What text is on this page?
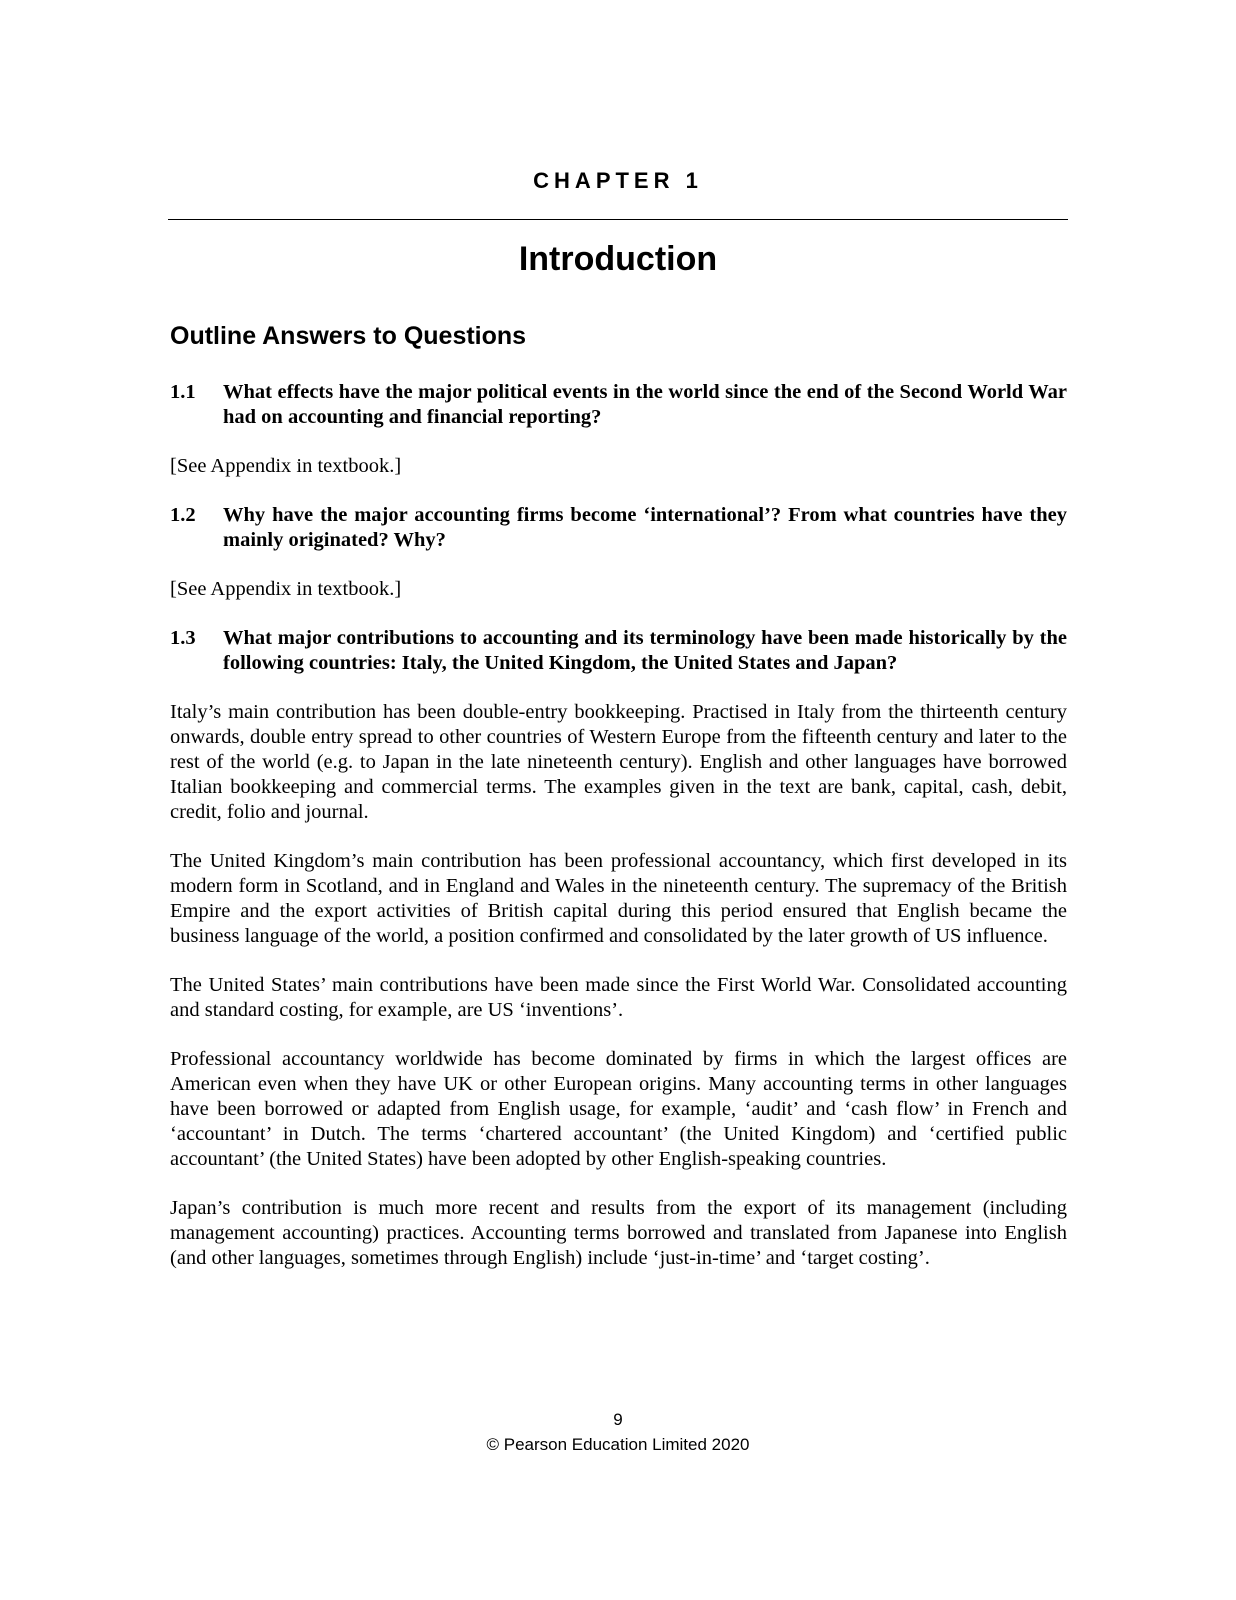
CHAPTER 1
Introduction
Outline Answers to Questions
1.1	What effects have the major political events in the world since the end of the Second World War had on accounting and financial reporting?

[See Appendix in textbook.]

1.2	Why have the major accounting firms become ‘international’? From what countries have they mainly originated? Why?

[See Appendix in textbook.]

1.3	What major contributions to accounting and its terminology have been made historically by the following countries: Italy, the United Kingdom, the United States and Japan?

Italy’s main contribution has been double-entry bookkeeping. Practised in Italy from the thirteenth century onwards, double entry spread to other countries of Western Europe from the fifteenth century and later to the rest of the world (e.g. to Japan in the late nineteenth century). English and other languages have borrowed Italian bookkeeping and commercial terms. The examples given in the text are bank, capital, cash, debit, credit, folio and journal.

The United Kingdom’s main contribution has been professional accountancy, which first developed in its modern form in Scotland, and in England and Wales in the nineteenth century. The supremacy of the British Empire and the export activities of British capital during this period ensured that English became the business language of the world, a position confirmed and consolidated by the later growth of US influence.

The United States’ main contributions have been made since the First World War. Consolidated accounting and standard costing, for example, are US ‘inventions’.

Professional accountancy worldwide has become dominated by firms in which the largest offices are American even when they have UK or other European origins. Many accounting terms in other languages have been borrowed or adapted from English usage, for example, ‘audit’ and ‘cash flow’ in French and ‘accountant’ in Dutch. The terms ‘chartered accountant’ (the United Kingdom) and ‘certified public accountant’ (the United States) have been adopted by other English-speaking countries.

Japan’s contribution is much more recent and results from the export of its management (including management accounting) practices. Accounting terms borrowed and translated from Japanese into English (and other languages, sometimes through English) include ‘just-in-time’ and ‘target costing’.

9
© Pearson Education Limited 2020
